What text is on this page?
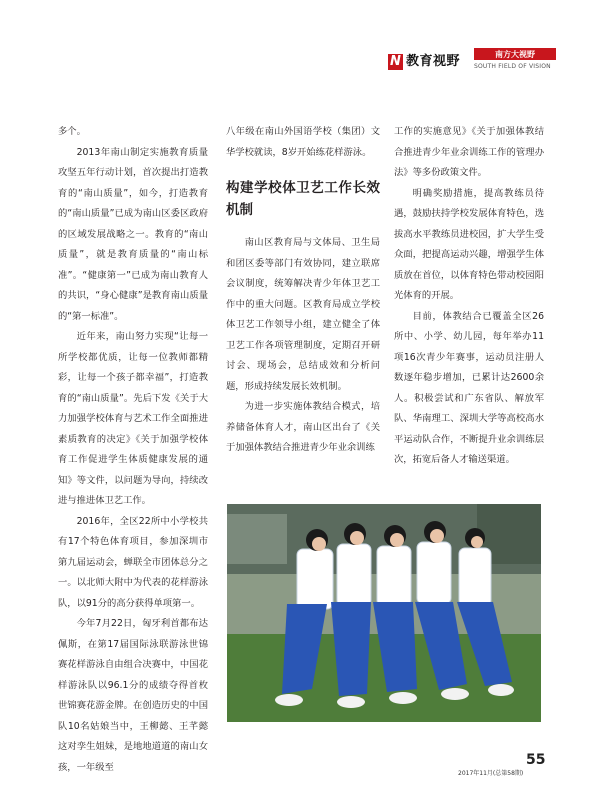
N 教育视野	南方大视野
SOUTH FIELD OF VISION

多个。

2013年南山制定实施教育质量攻坚五年行动计划，首次提出打造教育的“南山质量”，如今，打造教育的“南山质量”已成为南山区委区政府的区域发展战略之一。教育的“南山质量”，就是教育质量的“南山标准”。“健康第一”已成为南山教育人的共识，“身心健康”是教育南山质量的“第一标准”。

近年来，南山努力实现“让每一所学校都优质，让每一位教师都精彩，让每一个孩子都幸福”，打造教育的“南山质量”。先后下发《关于大力加强学校体育与艺术工作全面推进素质教育的决定》《关于加强学校体育工作促进学生体质健康发展的通知》等文件，以问题为导向，持续改进与推进体卫艺工作。

2016年，全区22所中小学校共有17个特色体育项目，参加深圳市第九届运动会，蝉联全市团体总分之一。以北师大附中为代表的花样游泳队，以91分的高分获得单项第一。

今年7月22日，匈牙利首都布达佩斯，在第17届国际泳联游泳世锦赛花样游泳自由组合决赛中，中国花样游泳队以96.1分的成绩夺得首枚世锦赛花游金牌。在创造历史的中国队10名姑娘当中，王柳懿、王芊懿这对孪生姐妹，是地地道道的南山女孩，一年级至

八年级在南山外国语学校（集团）文华学校就读，8岁开始练花样游泳。

构建学校体卫艺工作长效机制

南山区教育局与文体局、卫生局和团区委等部门有效协同，建立联席会议制度，统筹解决青少年体卫艺工作中的重大问题。区教育局成立学校体卫艺工作领导小组，建立健全了体卫艺工作各项管理制度，定期召开研讨会、现场会，总结成效和分析问题，形成持续发展长效机制。

为进一步实施体教结合模式，培养储备体育人才，南山区出台了《关于加强体教结合推进青少年业余训练

工作的实施意见》《关于加强体教结合推进青少年业余训练工作的管理办法》等多份政策文件。

明确奖励措施，提高教练员待遇，鼓励扶持学校发展体育特色，选拔高水平教练员进校园，扩大学生受众面，把提高运动兴趣，增强学生体质放在首位，以体育特色带动校园阳光体育的开展。

目前，体教结合已覆盖全区26所中、小学、幼儿园，每年举办11项16次青少年赛事，运动员注册人数逐年稳步增加，已累计达2600余人。积极尝试和广东省队、解放军队、华南理工、深圳大学等高校高水平运动队合作，不断提升业余训练层次，拓宽后备人才输送渠道。

55
2017年11月(总第58期)
